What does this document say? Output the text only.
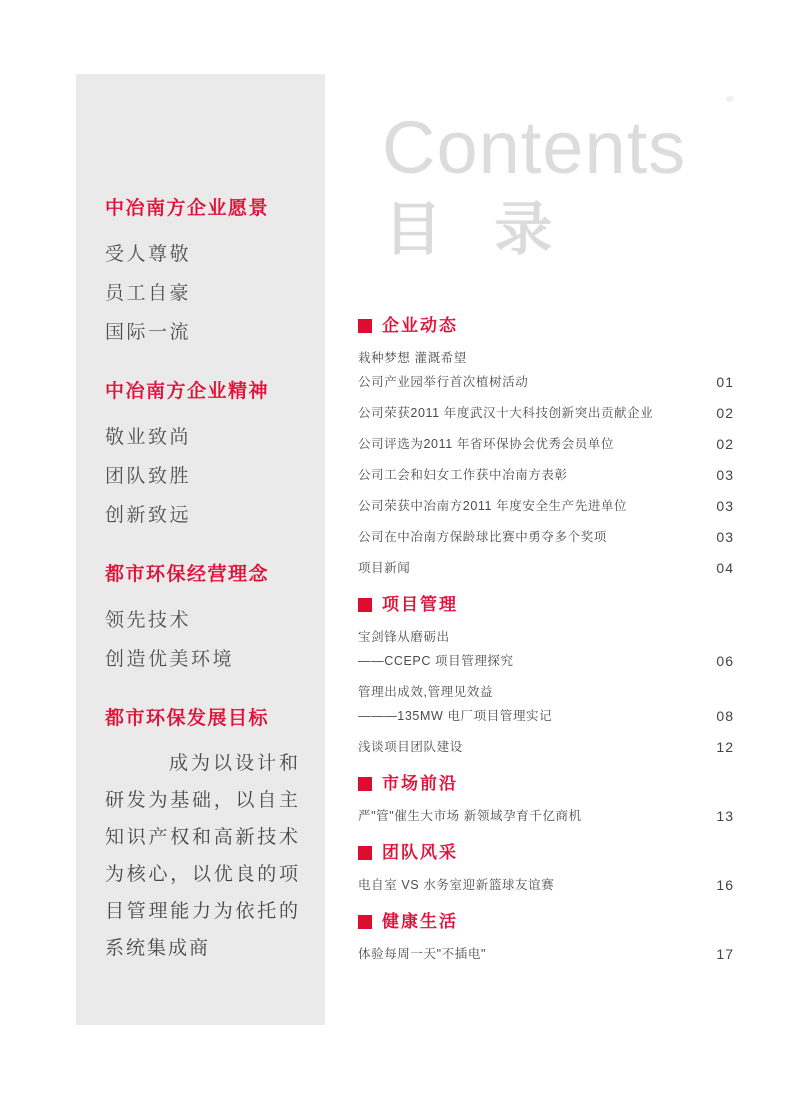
中冶南方企业愿景
受人尊敬
员工自豪
国际一流
中冶南方企业精神
敬业致尚
团队致胜
创新致远
都市环保经营理念
领先技术
创造优美环境
都市环保发展目标

成为以设计和研发为基础，以自主知识产权和高新技术为核心，以优良的项目管理能力为依托的系统集成商

Contents
目 录
企业动态
栽种梦想 灌溉希望
公司产业园举行首次植树活动	01
公司荣获2011 年度武汉十大科技创新突出贡献企业	02
公司评选为2011 年省环保协会优秀会员单位	02
公司工会和妇女工作获中冶南方表彰	03
公司荣获中冶南方2011 年度安全生产先进单位	03
公司在中冶南方保龄球比赛中勇夺多个奖项	03
项目新闻	04
项目管理
宝剑锋从磨砺出
——CCEPC 项目管理探究	06
管理出成效,管理见效益
———135MW 电厂项目管理实记	08
浅谈项目团队建设	12
市场前沿
严"管"催生大市场 新领域孕育千亿商机	13
团队风采
电自室 VS 水务室迎新篮球友谊赛	16
健康生活
体验每周一天"不插电"	17
